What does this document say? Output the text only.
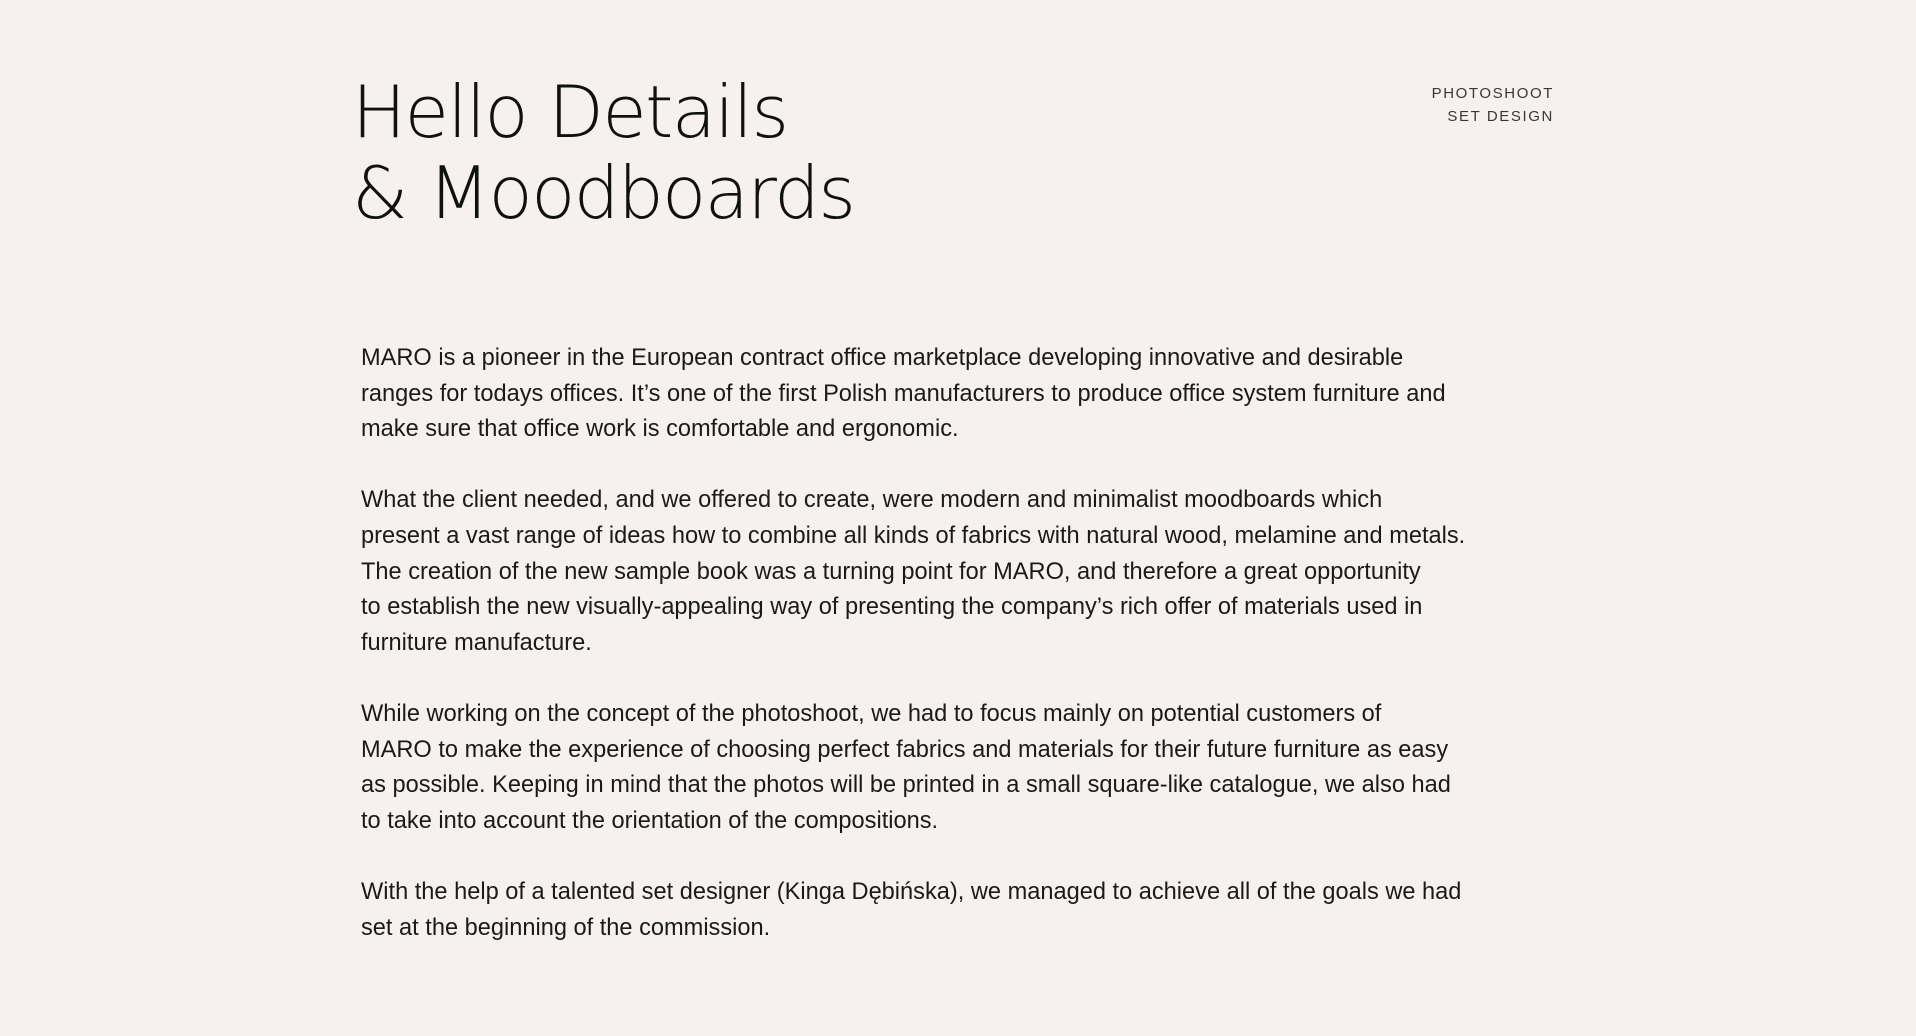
Hello Details
& Moodboards
PHOTOSHOOT
SET DESIGN

MARO is a pioneer in the European contract office marketplace developing innovative and desirable
ranges for todays offices. It’s one of the first Polish manufacturers to produce office system furniture and
make sure that office work is comfortable and ergonomic.

What the client needed, and we offered to create, were modern and minimalist moodboards which
present a vast range of ideas how to combine all kinds of fabrics with natural wood, melamine and metals.
The creation of the new sample book was a turning point for MARO, and therefore a great opportunity
to establish the new visually-appealing way of presenting the company’s rich offer of materials used in
furniture manufacture.

While working on the concept of the photoshoot, we had to focus mainly on potential customers of
MARO to make the experience of choosing perfect fabrics and materials for their future furniture as easy
as possible. Keeping in mind that the photos will be printed in a small square-like catalogue, we also had
to take into account the orientation of the compositions.

With the help of a talented set designer (Kinga Dębińska), we managed to achieve all of the goals we had
set at the beginning of the commission.
